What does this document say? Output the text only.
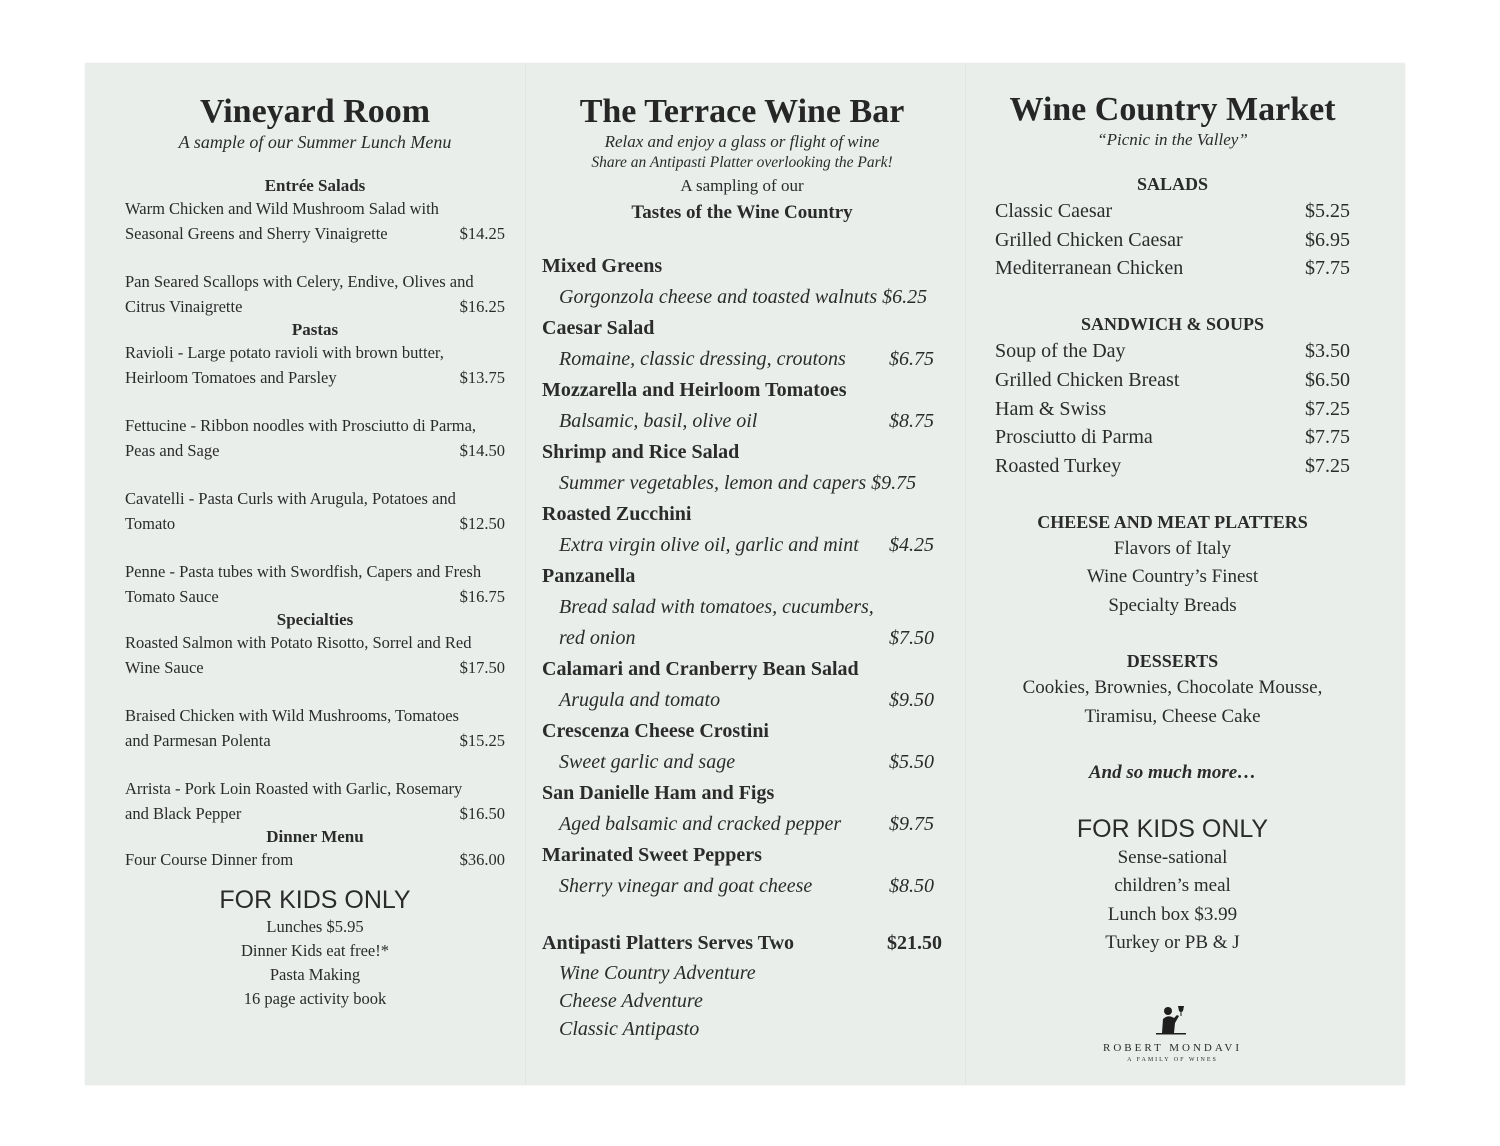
Vineyard Room
A sample of our Summer Lunch Menu
Entrée Salads
Warm Chicken and Wild Mushroom Salad with
Seasonal Greens and Sherry Vinaigrette	$14.25
Pan Seared Scallops with Celery, Endive, Olives and
Citrus Vinaigrette	$16.25
Pastas
Ravioli - Large potato ravioli with brown butter,
Heirloom Tomatoes and Parsley	$13.75
Fettucine - Ribbon noodles with Prosciutto di Parma,
Peas and Sage	$14.50
Cavatelli - Pasta Curls with Arugula, Potatoes and
Tomato	$12.50
Penne - Pasta tubes with Swordfish, Capers and Fresh
Tomato Sauce	$16.75
Specialties
Roasted Salmon with Potato Risotto, Sorrel and Red
Wine Sauce	$17.50
Braised Chicken with Wild Mushrooms, Tomatoes
and Parmesan Polenta	$15.25
Arrista - Pork Loin Roasted with Garlic, Rosemary
and Black Pepper	$16.50
Dinner Menu
Four Course Dinner from	$36.00
FOR KIDS ONLY
Lunches $5.95
Dinner Kids eat free!*
Pasta Making
16 page activity book
The Terrace Wine Bar
Relax and enjoy a glass or flight of wine
Share an Antipasti Platter overlooking the Park!
A sampling of our
Tastes of the Wine Country
Mixed Greens
Gorgonzola cheese and toasted walnuts $6.25
Caesar Salad
Romaine, classic dressing, croutons $6.75
Mozzarella and Heirloom Tomatoes
Balsamic, basil, olive oil	$8.75
Shrimp and Rice Salad
Summer vegetables, lemon and capers $9.75
Roasted Zucchini
Extra virgin olive oil, garlic and mint $4.25
Panzanella
Bread salad with tomatoes, cucumbers,
red onion	$7.50
Calamari and Cranberry Bean Salad
Arugula and tomato	$9.50
Crescenza Cheese Crostini
Sweet garlic and sage	$5.50
San Danielle Ham and Figs
Aged balsamic and cracked pepper $9.75
Marinated Sweet Peppers
Sherry vinegar and goat cheese	$8.50
Antipasti Platters Serves Two	$21.50
Wine Country Adventure
Cheese Adventure
Classic Antipasto
Wine Country Market
“Picnic in the Valley”
SALADS
Classic Caesar	$5.25
Grilled Chicken Caesar	$6.95
Mediterranean Chicken	$7.75
SANDWICH & SOUPS
Soup of the Day	$3.50
Grilled Chicken Breast	$6.50
Ham & Swiss	$7.25
Prosciutto di Parma	$7.75
Roasted Turkey	$7.25
CHEESE AND MEAT PLATTERS
Flavors of Italy
Wine Country’s Finest
Specialty Breads
DESSERTS
Cookies, Brownies, Chocolate Mousse,
Tiramisu, Cheese Cake
And so much more…
FOR KIDS ONLY
Sense-sational
children’s meal
Lunch box $3.99
Turkey or PB & J
ROBERT MONDAVI
A FAMILY OF WINES
